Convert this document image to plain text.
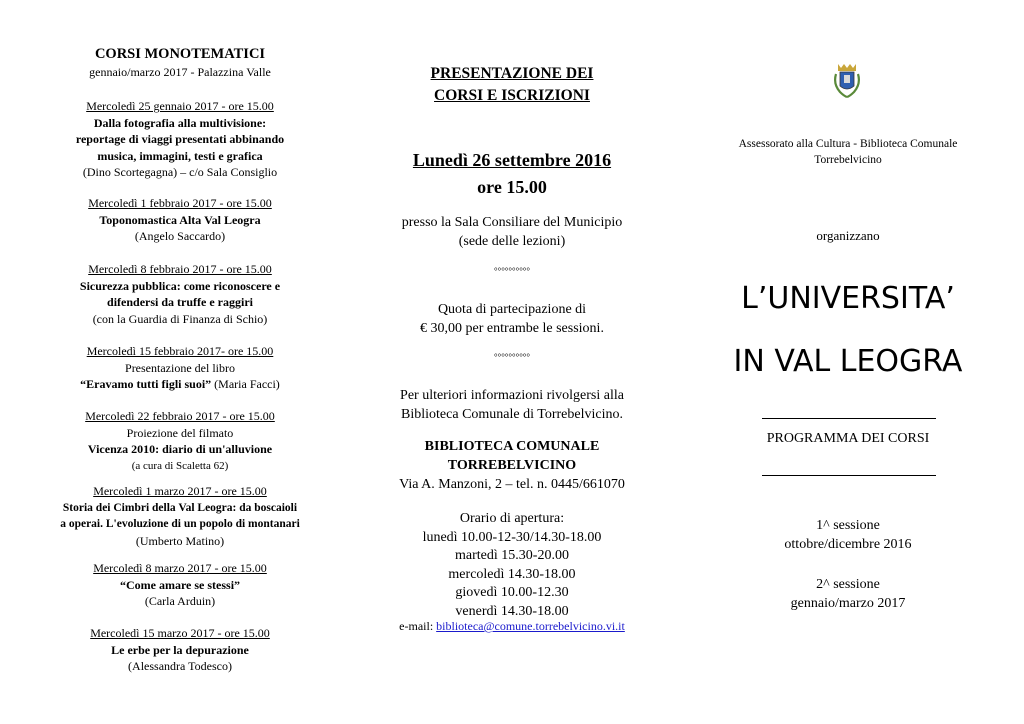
CORSI MONOTEMATICI
gennaio/marzo 2017 - Palazzina Valle
Mercoledì 25 gennaio 2017 - ore 15.00
Dalla fotografia alla multivisione:
reportage di viaggi presentati abbinando
musica, immagini, testi e grafica
(Dino Scortegagna) – c/o Sala Consiglio
Mercoledì 1 febbraio 2017 - ore 15.00
Toponomastica Alta Val Leogra
(Angelo Saccardo)
Mercoledì 8 febbraio 2017 - ore 15.00
Sicurezza pubblica: come riconoscere e
difendersi da truffe e raggiri
(con la Guardia di Finanza di Schio)
Mercoledì 15 febbraio 2017- ore 15.00
Presentazione del libro
“Eravamo tutti figli suoi” (Maria Facci)
Mercoledì 22 febbraio 2017 - ore 15.00
Proiezione del filmato
Vicenza 2010: diario di un'alluvione
(a cura di Scaletta 62)
Mercoledì 1 marzo 2017 - ore 15.00
Storia dei Cimbri della Val Leogra: da boscaioli
a operai. L'evoluzione di un popolo di montanari
(Umberto Matino)
Mercoledì 8 marzo 2017 - ore 15.00
“Come amare se stessi”
(Carla Arduin)
Mercoledì 15 marzo 2017 - ore 15.00
Le erbe per la depurazione
(Alessandra Todesco)
PRESENTAZIONE DEI
CORSI E ISCRIZIONI
Lunedì 26 settembre 2016
ore 15.00
presso la Sala Consiliare del Municipio
(sede delle lezioni)
°°°°°°°°°°
Quota di partecipazione di
€ 30,00 per entrambe le sessioni.
°°°°°°°°°°
Per ulteriori informazioni rivolgersi alla
Biblioteca Comunale di Torrebelvicino.
BIBLIOTECA COMUNALE
TORREBELVICINO
Via A. Manzoni, 2 – tel. n. 0445/661070
Orario di apertura:
lunedì 10.00-12-30/14.30-18.00
martedì 15.30-20.00
mercoledì 14.30-18.00
giovedì 10.00-12.30
venerdì 14.30-18.00
e-mail: biblioteca@comune.torrebelvicino.vi.it
Assessorato alla Cultura - Biblioteca Comunale
Torrebelvicino
organizzano
L’UNIVERSITA’
IN VAL LEOGRA
PROGRAMMA DEI CORSI
1^ sessione
ottobre/dicembre 2016
2^ sessione
gennaio/marzo 2017
